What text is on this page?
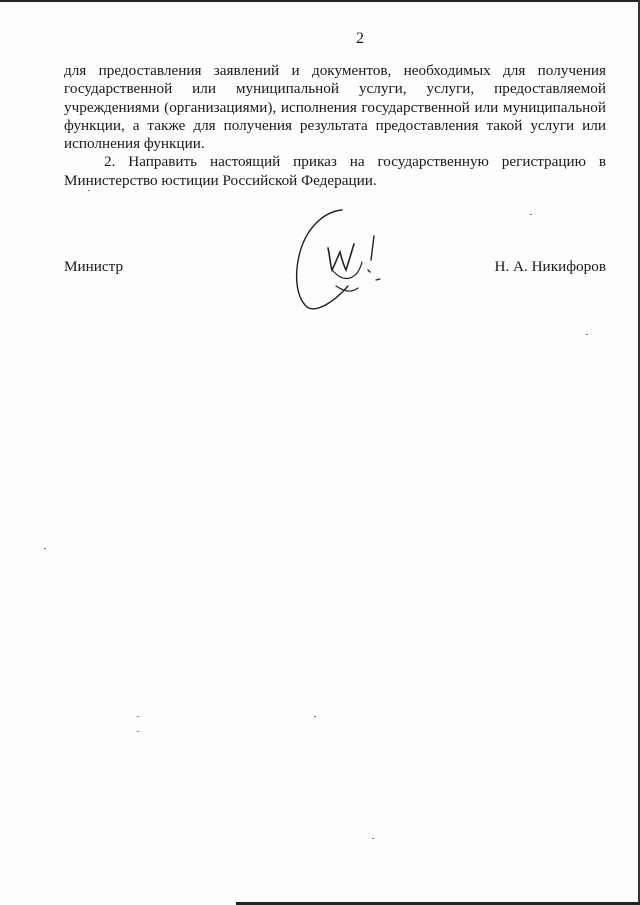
2

для предоставления заявлений и документов, необходимых для получения государственной или муниципальной услуги, услуги, предоставляемой учреждениями (организациями), исполнения государственной или муниципальной функции, а также для получения результата предоставления такой услуги или исполнения функции.

2. Направить настоящий приказ на государственную регистрацию в Министерство юстиции Российской Федерации.

Министр	Н. А. Никифоров
